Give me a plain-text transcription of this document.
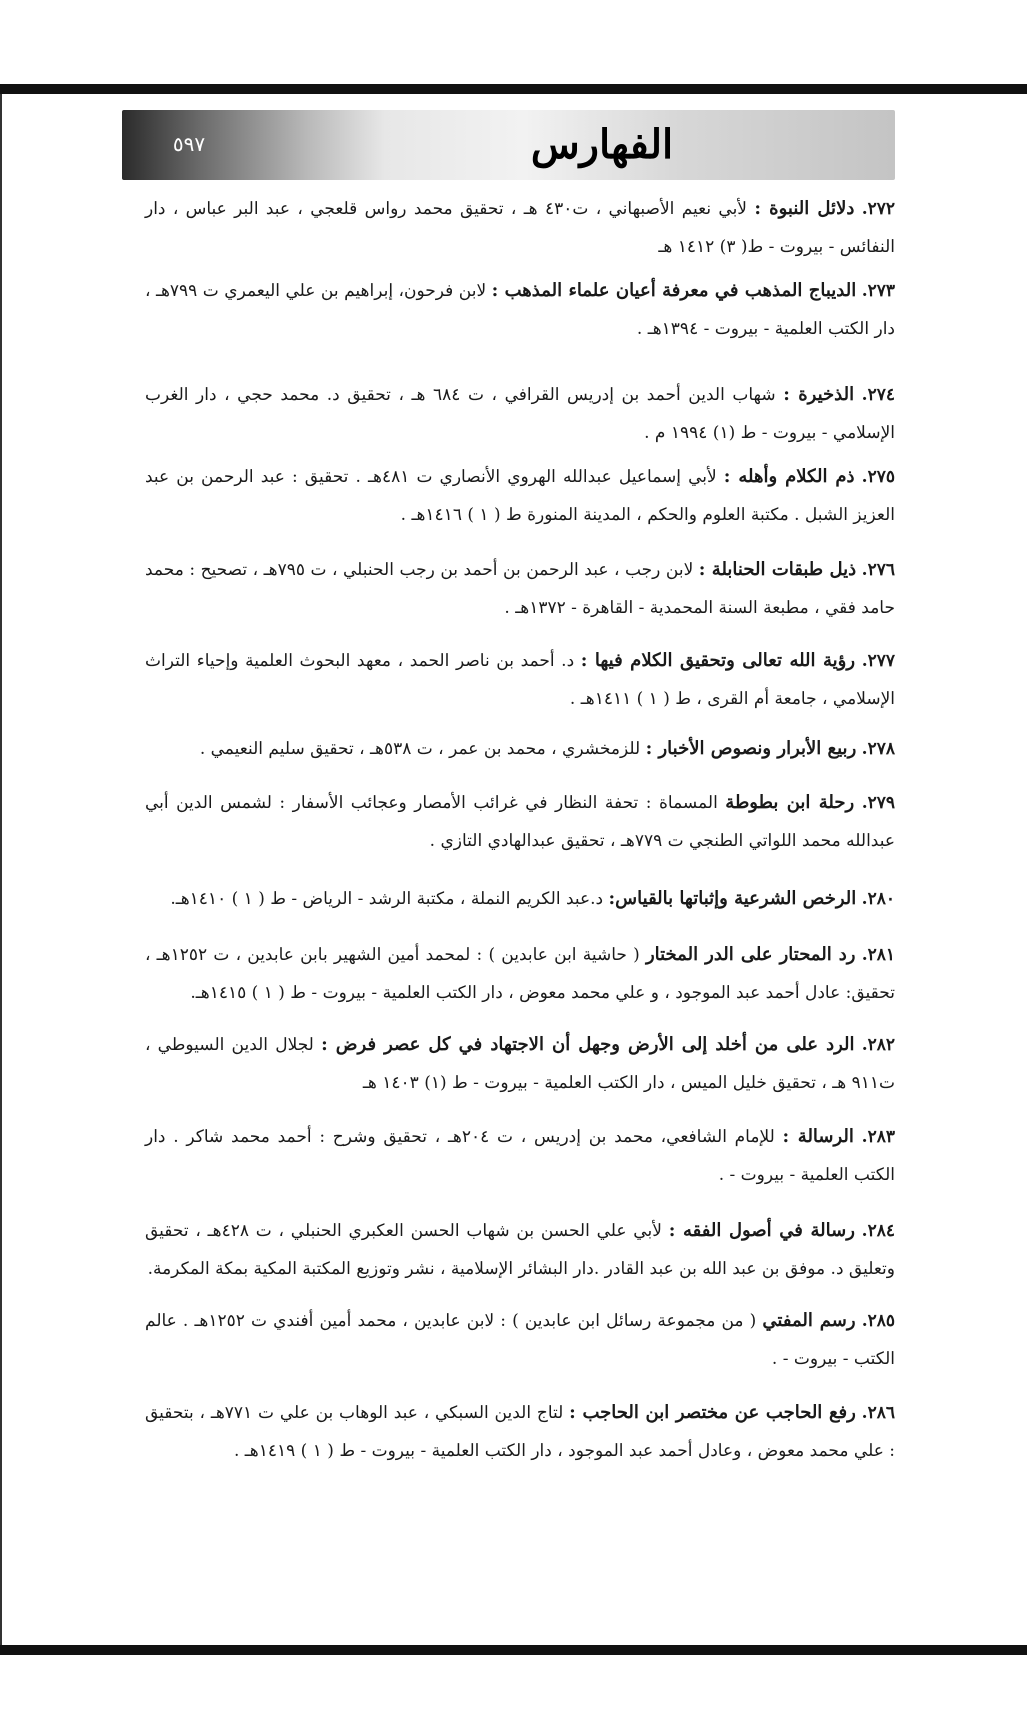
٥٩٧	الفهارس

٢٧٢. دلائل النبوة : لأبي نعيم الأصبهاني ، ت٤٣٠ هـ ، تحقيق محمد رواس قلعجي ، عبد البر عباس ، دار النفائس - بيروت - ط( ٣) ١٤١٢ هـ

٢٧٣. الديباج المذهب في معرفة أعيان علماء المذهب : لابن فرحون، إبراهيم بن علي اليعمري ت ٧٩٩هـ ، دار الكتب العلمية - بيروت - ١٣٩٤هـ .

٢٧٤. الذخيرة : شهاب الدين أحمد بن إدريس القرافي ، ت ٦٨٤ هـ ، تحقيق د. محمد حجي ، دار الغرب الإسلامي - بيروت - ط (١) ١٩٩٤ م .

٢٧٥. ذم الكلام وأهله : لأبي إسماعيل عبدالله الهروي الأنصاري ت ٤٨١هـ . تحقيق : عبد الرحمن بن عبد العزيز الشبل . مكتبة العلوم والحكم ، المدينة المنورة ط ( ١ ) ١٤١٦هـ .

٢٧٦. ذيل طبقات الحنابلة : لابن رجب ، عبد الرحمن بن أحمد بن رجب الحنبلي ، ت ٧٩٥هـ ، تصحيح : محمد حامد فقي ، مطبعة السنة المحمدية - القاهرة - ١٣٧٢هـ .

٢٧٧. رؤية الله تعالى وتحقيق الكلام فيها : د. أحمد بن ناصر الحمد ، معهد البحوث العلمية وإحياء التراث الإسلامي ، جامعة أم القرى ، ط ( ١ ) ١٤١١هـ .

٢٧٨. ربيع الأبرار ونصوص الأخبار : للزمخشري ، محمد بن عمر ، ت ٥٣٨هـ ، تحقيق سليم النعيمي .

٢٧٩. رحلة ابن بطوطة المسماة : تحفة النظار في غرائب الأمصار وعجائب الأسفار : لشمس الدين أبي عبدالله محمد اللواتي الطنجي ت ٧٧٩هـ ، تحقيق عبدالهادي التازي .

٢٨٠. الرخص الشرعية وإثباتها بالقياس: د.عبد الكريم النملة ، مكتبة الرشد - الرياض - ط ( ١ ) ١٤١٠هـ.

٢٨١. رد المحتار على الدر المختار ( حاشية ابن عابدين ) : لمحمد أمين الشهير بابن عابدين ، ت ١٢٥٢هـ ، تحقيق: عادل أحمد عبد الموجود ، و علي محمد معوض ، دار الكتب العلمية - بيروت - ط ( ١ ) ١٤١٥هـ.

٢٨٢. الرد على من أخلد إلى الأرض وجهل أن الاجتهاد في كل عصر فرض : لجلال الدين السيوطي ، ت٩١١ هـ ، تحقيق خليل الميس ، دار الكتب العلمية - بيروت - ط (١) ١٤٠٣ هـ

٢٨٣. الرسالة : للإمام الشافعي، محمد بن إدريس ، ت ٢٠٤هـ ، تحقيق وشرح : أحمد محمد شاكر . دار الكتب العلمية - بيروت - .

٢٨٤. رسالة في أصول الفقه : لأبي علي الحسن بن شهاب الحسن العكبري الحنبلي ، ت ٤٢٨هـ ، تحقيق وتعليق د. موفق بن عبد الله بن عبد القادر .دار البشائر الإسلامية ، نشر وتوزيع المكتبة المكية بمكة المكرمة.

٢٨٥. رسم المفتي ( من مجموعة رسائل ابن عابدين ) : لابن عابدين ، محمد أمين أفندي ت ١٢٥٢هـ . عالم الكتب - بيروت - .

٢٨٦. رفع الحاجب عن مختصر ابن الحاجب : لتاج الدين السبكي ، عبد الوهاب بن علي ت ٧٧١هـ ، بتحقيق : علي محمد معوض ، وعادل أحمد عبد الموجود ، دار الكتب العلمية - بيروت - ط ( ١ ) ١٤١٩هـ .
